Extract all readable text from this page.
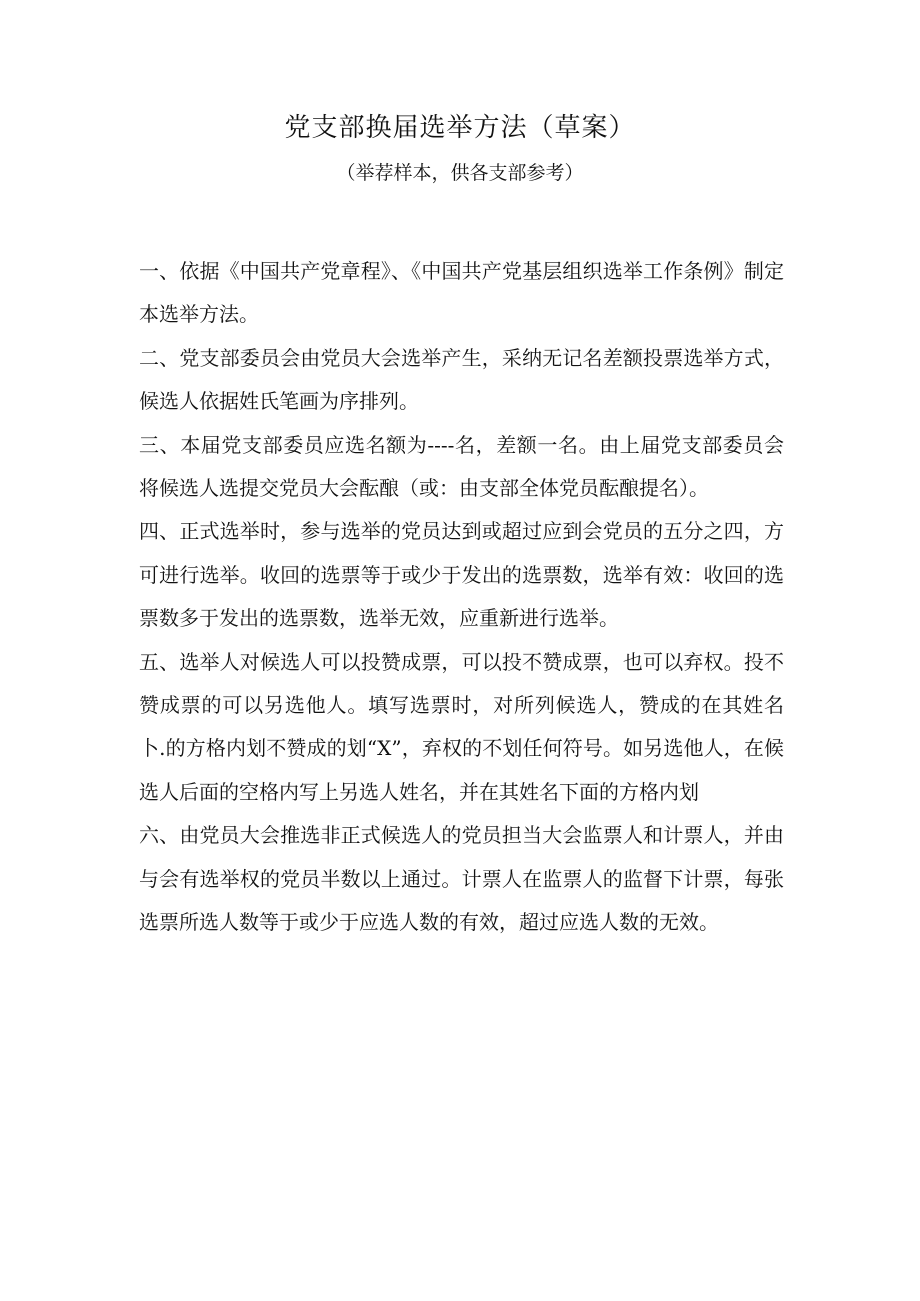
党支部换届选举方法（草案）
（举荐样本，供各支部参考）

一、依据《中国共产党章程》、《中国共产党基层组织选举工作条例》制定本选举方法。

二、党支部委员会由党员大会选举产生，采纳无记名差额投票选举方式，候选人依据姓氏笔画为序排列。

三、本届党支部委员应选名额为----名，差额一名。由上届党支部委员会将候选人选提交党员大会酝酿（或：由支部全体党员酝酿提名）。

四、正式选举时，参与选举的党员达到或超过应到会党员的五分之四，方可进行选举。收回的选票等于或少于发出的选票数，选举有效：收回的选票数多于发出的选票数，选举无效，应重新进行选举。

五、选举人对候选人可以投赞成票，可以投不赞成票，也可以弃权。投不赞成票的可以另选他人。填写选票时，对所列候选人，赞成的在其姓名卜.的方格内划不赞成的划“X”，弃权的不划任何符号。如另选他人，在候选人后面的空格内写上另选人姓名，并在其姓名下面的方格内划

六、由党员大会推选非正式候选人的党员担当大会监票人和计票人，并由与会有选举权的党员半数以上通过。计票人在监票人的监督下计票，每张选票所选人数等于或少于应选人数的有效，超过应选人数的无效。
